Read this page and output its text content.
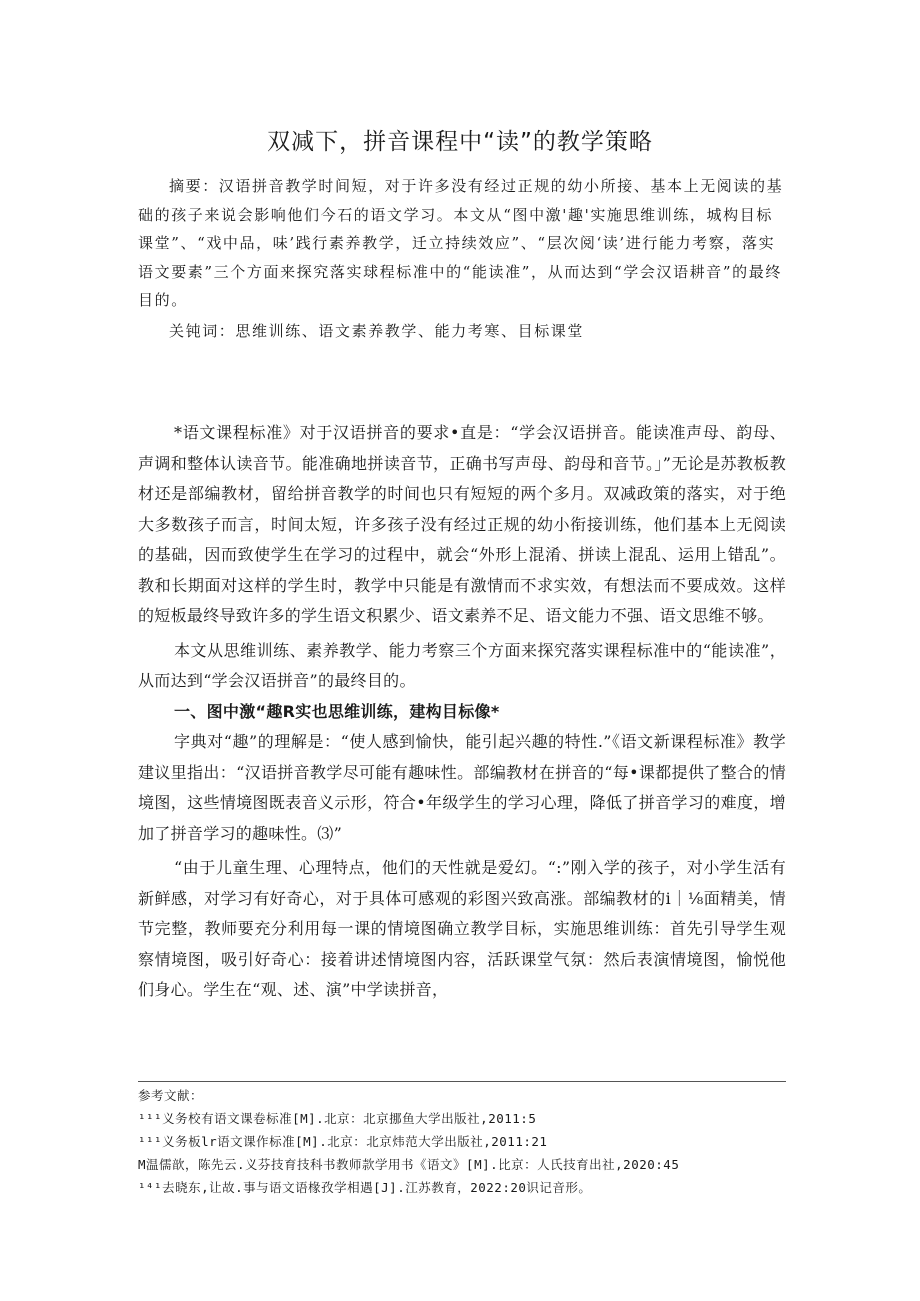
双减下，拼音课程中“读”的教学策略

摘要：汉语拼音教学时间短，对于许多没有经过正规的幼小所接、基本上无阅读的基础的孩子来说会影响他们今石的语文学习。本文从“图中激'趣'实施思维训练，城构目标课堂”、“戏中品，味’践行素养教学，迁立持续效应”、“层次阅‘读’进行能力考察，落实语文要素”三个方面来探究落实球程标准中的“能读准”，从而达到“学会汉语耕音”的最终目的。

关钝词：思维训练、语文素养教学、能力考寒、目标课堂

*语文课程标准》对于汉语拼音的要求•直是：“学会汉语拼音。能读准声母、韵母、声调和整体认读音节。能准确地拼读音节，正确书写声母、韵母和音节。」”无论是苏教板教材还是部编教材，留给拼音教学的时间也只有短短的两个多月。双减政策的落实，对于绝大多数孩子而言，时间太短，许多孩子没有经过正规的幼小衔接训练，他们基本上无阅读的基础，因而致使学生在学习的过程中，就会“外形上混淆、拼读上混乱、运用上错乱”。教和长期面对这样的学生时，教学中只能是有激情而不求实效，有想法而不要成效。这样的短板最终导致许多的学生语文积累少、语文素养不足、语文能力不强、语文思维不够。

本文从思维训练、素养教学、能力考察三个方面来探究落实课程标准中的“能读准”，从而达到“学会汉语拼音”的最终目的。

一、图中激“趣R实也思维训练，建构目标像*

字典对“趣”的理解是：“使人感到愉快，能引起兴趣的特性.”《语文新课程标准》教学建议里指出：“汉语拼音教学尽可能有趣味性。部编教材在拼音的“每•课都提供了整合的情境图，这些情境图既表音义示形，符合•年级学生的学习心理，降低了拼音学习的难度，增加了拼音学习的趣味性。⑶”

“由于儿童生理、心理特点，他们的天性就是爱幻。“:”刚入学的孩子，对小学生活有新鲜感，对学习有好奇心，对于具体可感观的彩图兴致高涨。部编教材的i｜⅛面精美，情节完整，教师要充分利用每一课的情境图确立教学目标，实施思维训练：首先引导学生观察情境图，吸引好奇心：接着讲述情境图内容，活跃课堂气氛：然后表演情境图，愉悦他们身心。学生在“观、述、演”中学读拼音，

参考文献：
¹¹¹义务校有语文课卷标准[M].北京：北京挪鱼大学出版社,2011:5
¹¹¹义务板lr语文课作标准[M].北京：北京炜范大学出版社,2011:21
M温儒歆，陈先云.义芬技育技科书教师款学用书《语文》[M].比京：人氏技育出社,2020:45
¹⁴¹去晓东,让故.事与语文语椽孜学相遇[J].江苏教育，2022:20识记音形。
